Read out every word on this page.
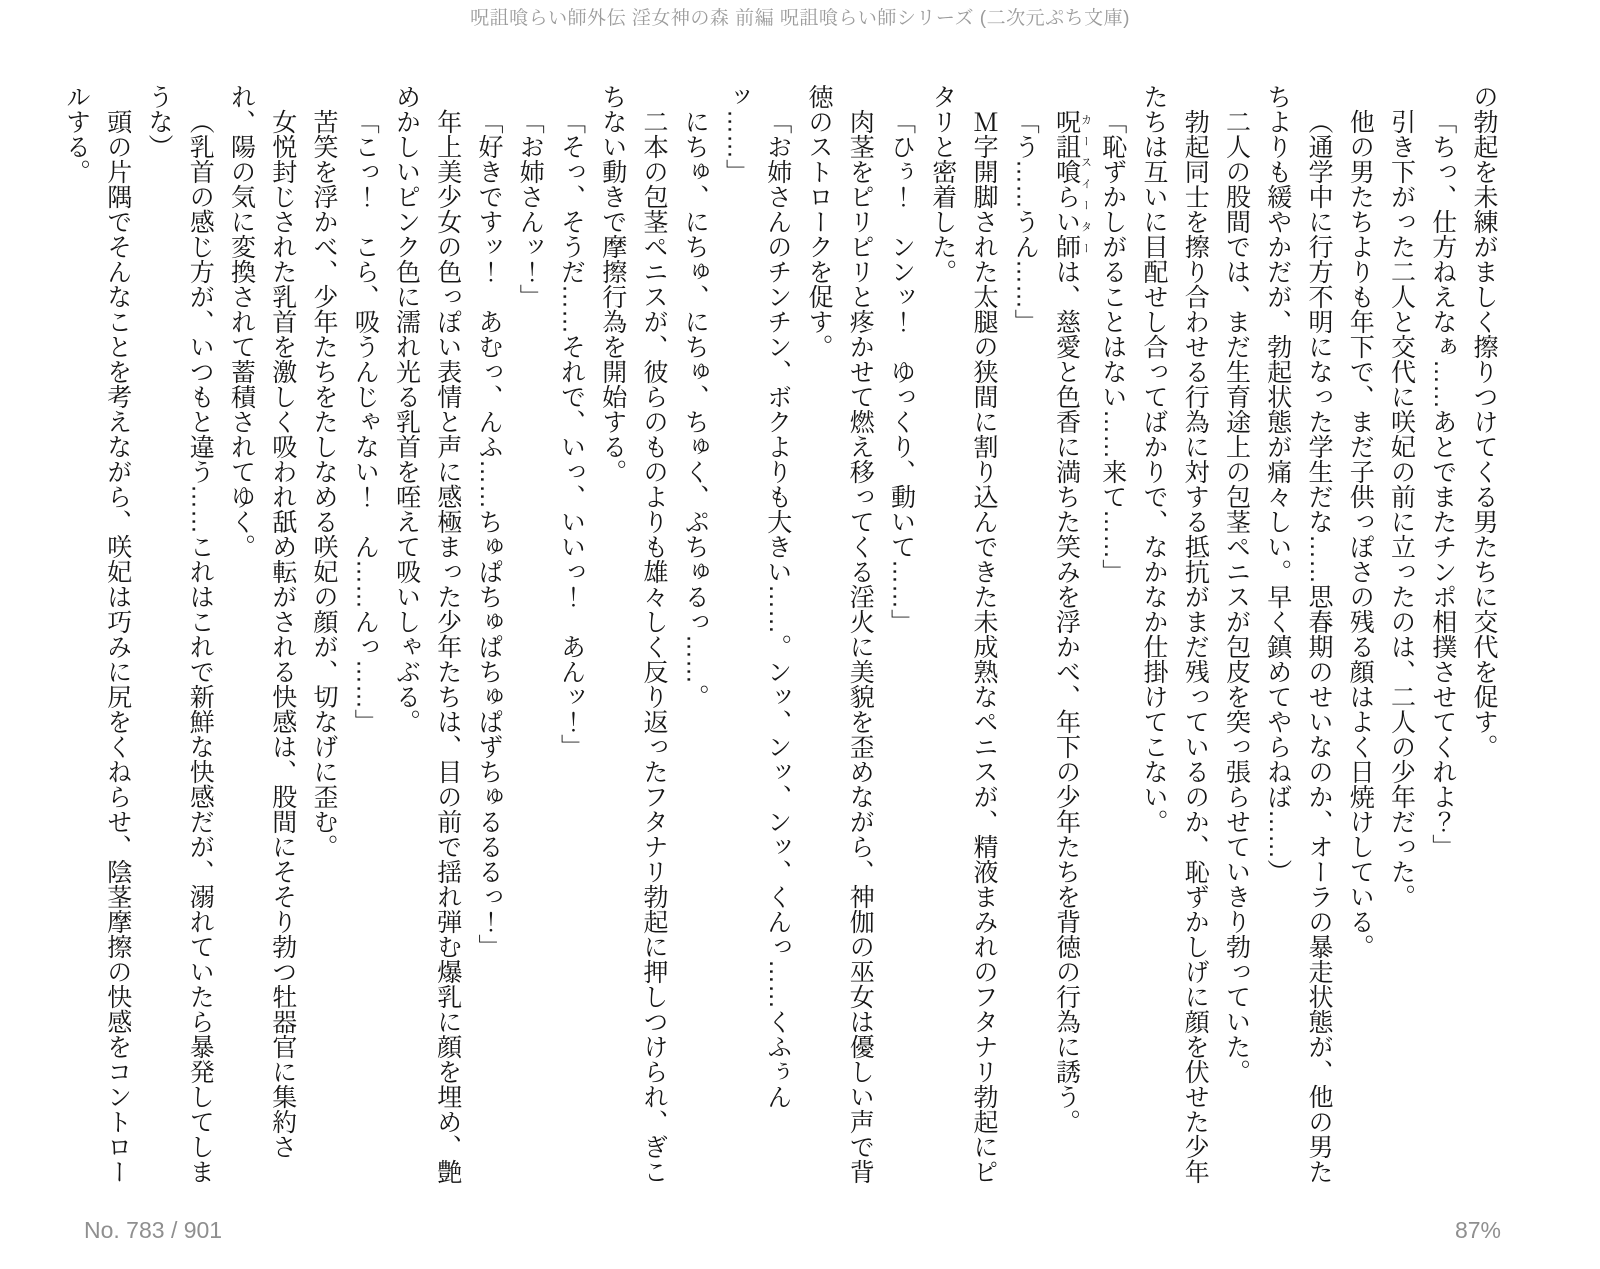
呪詛喰らい師外伝 淫女神の森 前編 呪詛喰らい師シリーズ (二次元ぷち文庫)

の勃起を未練がましく擦りつけてくる男たちに交代を促す。

「ちっ、仕方ねえなぁ……あとでまたチンポ相撲させてくれよ？」

引き下がった二人と交代に咲妃の前に立ったのは、二人の少年だった。

他の男たちよりも年下で、まだ子供っぽさの残る顔はよく日焼けしている。

（通学中に行方不明になった学生だな……思春期のせいなのか、オーラの暴走状態が、他の男たちよりも緩やかだが、勃起状態が痛々しい。早く鎮めてやらねば……）

二人の股間では、まだ生育途上の包茎ペニスが包皮を突っ張らせていきり勃っていた。

勃起同士を擦り合わせる行為に対する抵抗がまだ残っているのか、恥ずかしげに顔を伏せた少年たちは互いに目配せし合ってばかりで、なかなか仕掛けてこない。

「恥ずかしがることはない……来て……」

呪詛喰らい師 カースイーターは、慈愛と色香に満ちた笑みを浮かべ、年下の少年たちを背徳の行為に誘う。

「う……うん……」

Ｍ字開脚された太腿の狭間に割り込んできた未成熟なペニスが、精液まみれのフタナリ勃起にピタリと密着した。

「ひぅ！　ンンッ！　ゆっくり、動いて……」

肉茎をピリピリと疼かせて燃え移ってくる淫火に美貌を歪めながら、神伽の巫女は優しい声で背徳のストロークを促す。

「お姉さんのチンチン、ボクよりも大きい……。ンッ、ンッ、ンッ、くんっ……くふぅんッ……」

にちゅ、にちゅ、にちゅ、ちゅく、ぷちゅるっ……。

二本の包茎ペニスが、彼らのものよりも雄々しく反り返ったフタナリ勃起に押しつけられ、ぎこちない動きで摩擦行為を開始する。

「そっ、そうだ……それで、いっ、いいっ！　あんッ！」

「お姉さんッ！」

「好きですッ！　あむっ、んふ……ちゅぱちゅぱちゅぱずちゅるるるっ！」

年上美少女の色っぽい表情と声に感極まった少年たちは、目の前で揺れ弾む爆乳に顔を埋め、艶めかしいピンク色に濡れ光る乳首を咥えて吸いしゃぶる。

「こっ！　こら、吸うんじゃない！　ん……んっ……」

苦笑を浮かべ、少年たちをたしなめる咲妃の顔が、切なげに歪む。

女悦封じされた乳首を激しく吸われ舐め転がされる快感は、股間にそそり勃つ牡器官に集約され、陽の気に変換されて蓄積されてゆく。

（乳首の感じ方が、いつもと違う……これはこれで新鮮な快感だが、溺れていたら暴発してしまうな）

頭の片隅でそんなことを考えながら、咲妃は巧みに尻をくねらせ、陰茎摩擦の快感をコントロールする。

No. 783 / 901	87%
